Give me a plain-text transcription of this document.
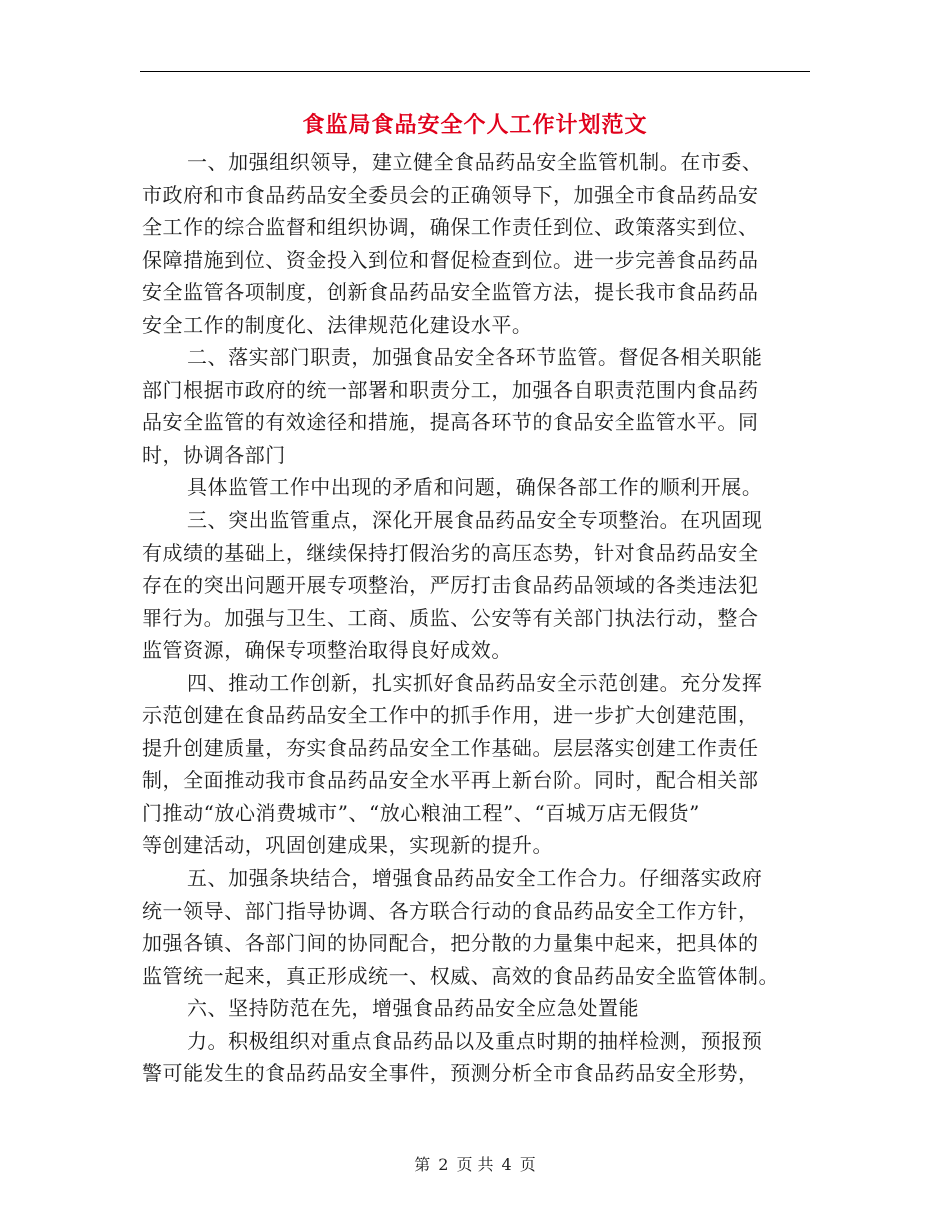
食监局食品安全个人工作计划范文
一、加强组织领导，建立健全食品药品安全监管机制。在市委、
市政府和市食品药品安全委员会的正确领导下，加强全市食品药品安
全工作的综合监督和组织协调，确保工作责任到位、政策落实到位、
保障措施到位、资金投入到位和督促检查到位。进一步完善食品药品
安全监管各项制度，创新食品药品安全监管方法，提长我市食品药品
安全工作的制度化、法律规范化建设水平。
二、落实部门职责，加强食品安全各环节监管。督促各相关职能
部门根据市政府的统一部署和职责分工，加强各自职责范围内食品药
品安全监管的有效途径和措施，提高各环节的食品安全监管水平。同
时，协调各部门
具体监管工作中出现的矛盾和问题，确保各部工作的顺利开展。
三、突出监管重点，深化开展食品药品安全专项整治。在巩固现
有成绩的基础上，继续保持打假治劣的高压态势，针对食品药品安全
存在的突出问题开展专项整治，严厉打击食品药品领域的各类违法犯
罪行为。加强与卫生、工商、质监、公安等有关部门执法行动，整合
监管资源，确保专项整治取得良好成效。
四、推动工作创新，扎实抓好食品药品安全示范创建。充分发挥
示范创建在食品药品安全工作中的抓手作用，进一步扩大创建范围，
提升创建质量，夯实食品药品安全工作基础。层层落实创建工作责任
制，全面推动我市食品药品安全水平再上新台阶。同时，配合相关部
门推动“放心消费城市”、“放心粮油工程”、“百城万店无假货”
等创建活动，巩固创建成果，实现新的提升。
五、加强条块结合，增强食品药品安全工作合力。仔细落实政府
统一领导、部门指导协调、各方联合行动的食品药品安全工作方针，
加强各镇、各部门间的协同配合，把分散的力量集中起来，把具体的
监管统一起来，真正形成统一、权威、高效的食品药品安全监管体制。
六、坚持防范在先，增强食品药品安全应急处置能
力。积极组织对重点食品药品以及重点时期的抽样检测，预报预
警可能发生的食品药品安全事件，预测分析全市食品药品安全形势，
第 2 页 共 4 页
